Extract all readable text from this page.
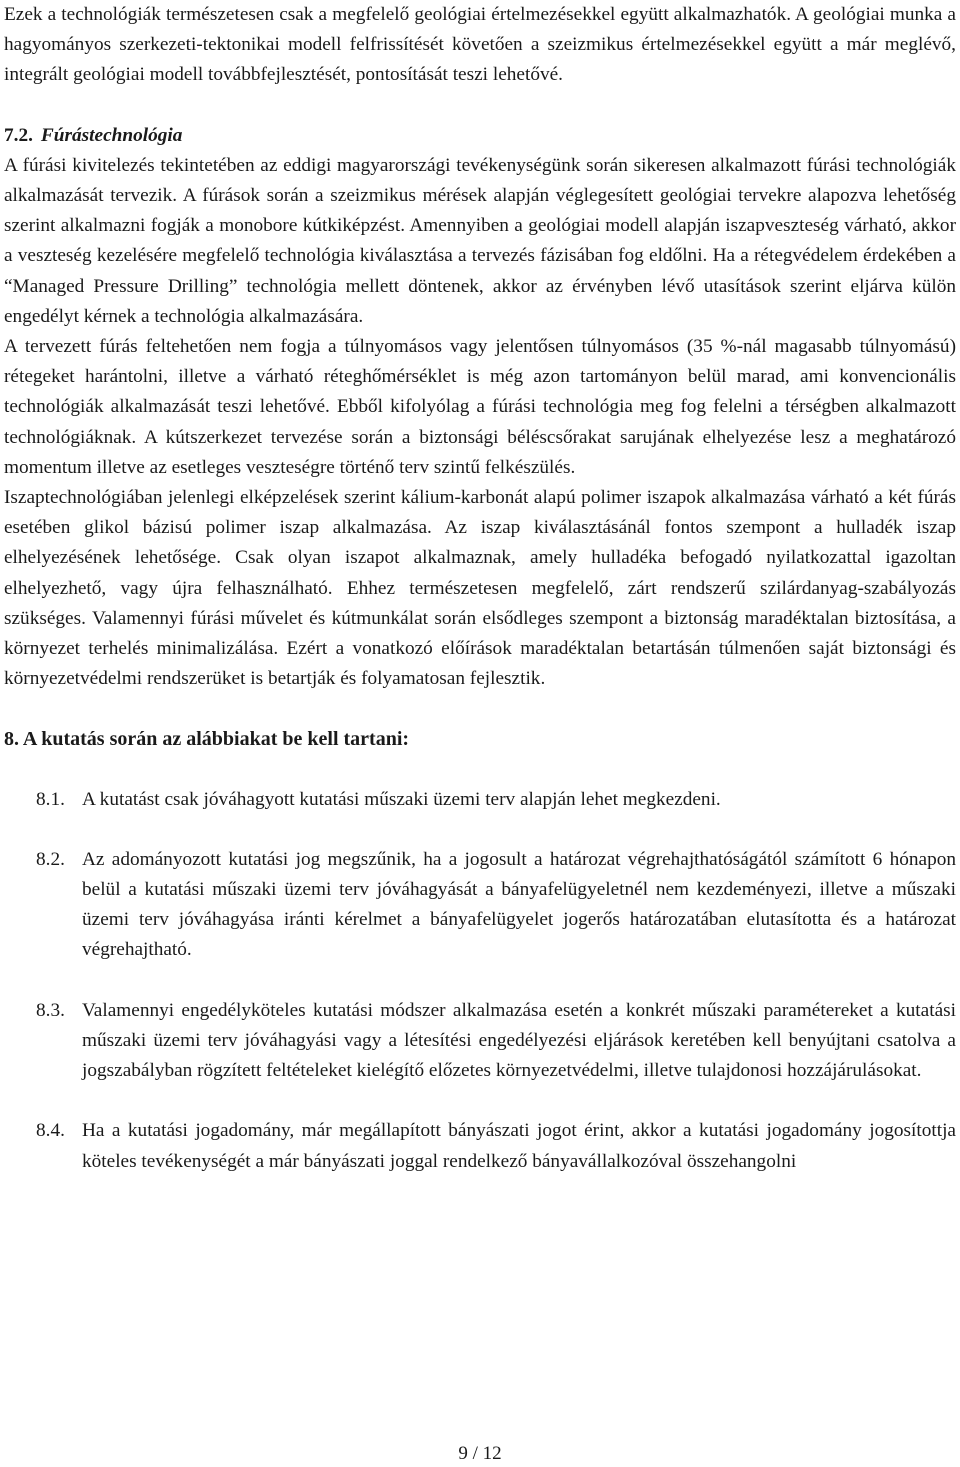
Ezek a technológiák természetesen csak a megfelelő geológiai értelmezésekkel együtt alkalmazhatók. A geológiai munka a hagyományos szerkezeti-tektonikai modell felfrissítését követően a szeizmikus értelmezésekkel együtt a már meglévő, integrált geológiai modell továbbfejlesztését, pontosítását teszi lehetővé.

7.2. Fúrástechnológia

A fúrási kivitelezés tekintetében az eddigi magyarországi tevékenységünk során sikeresen alkalmazott fúrási technológiák alkalmazását tervezik. A fúrások során a szeizmikus mérések alapján véglegesített geológiai tervekre alapozva lehetőség szerint alkalmazni fogják a monobore kútkiképzést. Amennyiben a geológiai modell alapján iszapveszteség várható, akkor a veszteség kezelésére megfelelő technológia kiválasztása a tervezés fázisában fog eldőlni. Ha a rétegvédelem érdekében a “Managed Pressure Drilling” technológia mellett döntenek, akkor az érvényben lévő utasítások szerint eljárva külön engedélyt kérnek a technológia alkalmazására.

A tervezett fúrás feltehetően nem fogja a túlnyomásos vagy jelentősen túlnyomásos (35 %-nál magasabb túlnyomású) rétegeket harántolni, illetve a várható rétegh​őmérséklet is még azon tartományon belül marad, ami konvencionális technológiák alkalmazását teszi lehetővé. Ebből kifolyólag a fúrási technológia meg fog felelni a térségben alkalmazott technológiáknak. A kútszerkezet tervezése során a biztonsági béléscsőrakat sarujának elhelyezése lesz a meghatározó momentum illetve az esetleges veszteségre történő terv szintű felkészülés.

Iszaptechnológiában jelenlegi elképzelések szerint kálium-karbonát alapú polimer iszapok alkalmazása várható a két fúrás esetében glikol bázisú polimer iszap alkalmazása. Az iszap kiválasztásánál fontos szempont a hulladék iszap elhelyezésének lehetősége. Csak olyan iszapot alkalmaznak, amely hulladéka befogadó nyilatkozattal igazoltan elhelyezhető, vagy újra felhasználható. Ehhez természetesen megfelelő, zárt rendszerű szilárdanyag-szabályozás szükséges. Valamennyi fúrási művelet és kútmunkálat során elsődleges szempont a biztonság maradéktalan biztosítása, a környezet terhelés minimalizálása. Ezért a vonatkozó előírások maradéktalan betartásán túlmenően saját biztonsági és környezetvédelmi rendszerüket is betartják és folyamatosan fejlesztik.

8. A kutatás során az alábbiakat be kell tartani:

8.1. A kutatást csak jóváhagyott kutatási műszaki üzemi terv alapján lehet megkezdeni.
8.2. Az adományozott kutatási jog megszűnik, ha a jogosult a határozat végrehajthatóságától számított 6 hónapon belül a kutatási műszaki üzemi terv jóváhagyását a bányafelügyeletnél nem kezdeményezi, illetve a műszaki üzemi terv jóváhagyása iránti kérelmet a bányafelügyelet jogerős határozatában elutasította és a határozat végrehajtható.
8.3. Valamennyi engedélyköteles kutatási módszer alkalmazása esetén a konkrét műszaki paramétereket a kutatási műszaki üzemi terv jóváhagyási vagy a létesítési engedélyezési eljárások keretében kell benyújtani csatolva a jogszabályban rögzített feltételeket kielégítő előzetes környezetvédelmi, illetve tulajdonosi hozzájárulásokat.
8.4. Ha a kutatási jogadomány, már megállapított bányászati jogot érint, akkor a kutatási jogadomány jogosítottja köteles tevékenységét a már bányászati joggal rendelkező bányavállalkozóval összehangolni
9 / 12
